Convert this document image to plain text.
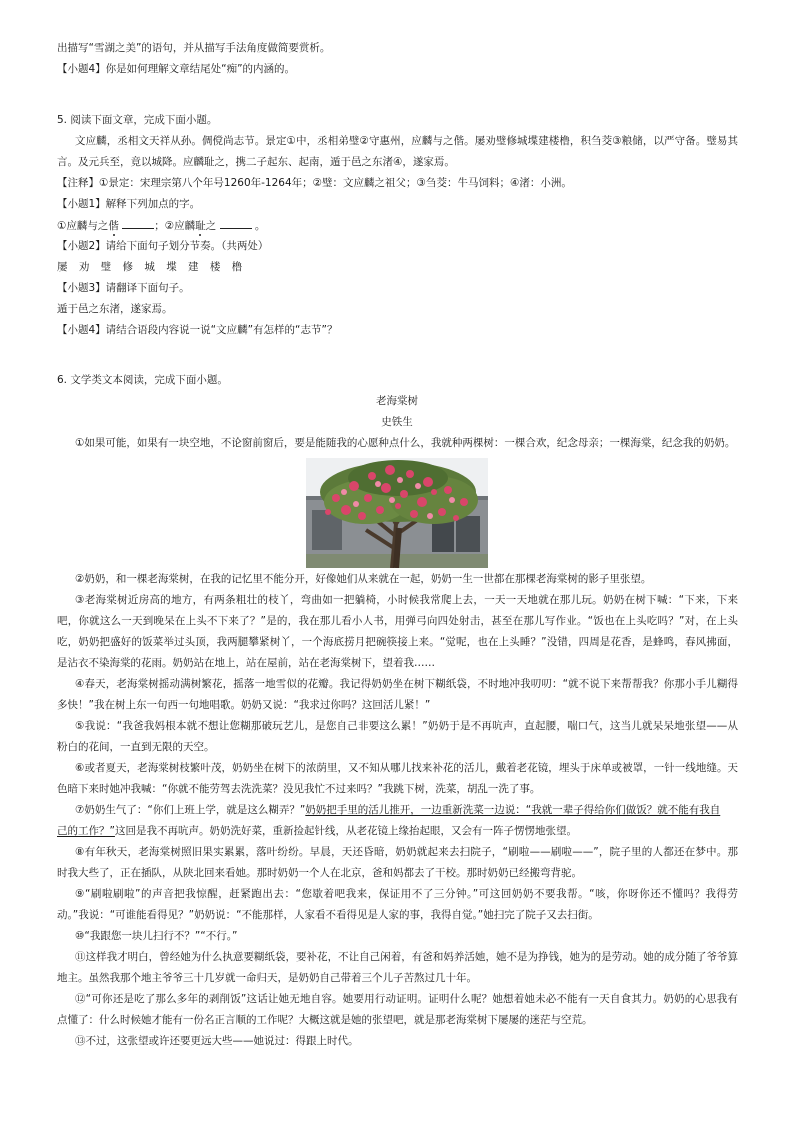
出描写“雪湖之美”的语句，并从描写手法角度做简要赏析。
【小题4】你是如何理解文章结尾处“痴”的内涵的。
5. 阅读下面文章，完成下面小题。
文应麟，丞相文天祥从孙。倜傥尚志节。景定①中，丞相弟璧②守惠州，应麟与之偕。屡劝璧修城堞建楼橹，积刍茭③粮储，以严守备。璧易其
言。及元兵至，竟以城降。应麟耻之，携二子起东、起南，遁于邑之东渚④，遂家焉。
【注释】①景定：宋理宗第八个年号1260年-1264年；②璧：文应麟之祖父；③刍茭：牛马饲料；④渚：小洲。
【小题1】解释下列加点的字。
①应麟与之偕	；②应麟耻之	。
【小题2】请给下面句子划分节奏。（共两处）
屡 劝 璧 修 城 堞 建 楼 橹
【小题3】请翻译下面句子。
遁于邑之东渚，遂家焉。
【小题4】请结合语段内容说一说“文应麟”有怎样的“志节”？
6. 文学类文本阅读，完成下面小题。
老海棠树
史铁生
①如果可能，如果有一块空地，不论窗前窗后，要是能随我的心愿种点什么，我就种两棵树：一棵合欢，纪念母亲；一棵海棠，纪念我的奶奶。
②奶奶，和一棵老海棠树，在我的记忆里不能分开，好像她们从来就在一起，奶奶一生一世都在那棵老海棠树的影子里张望。
③老海棠树近房高的地方，有两条粗壮的枝丫，弯曲如一把躺椅，小时候我常爬上去，一天一天地就在那儿玩。奶奶在树下喊：“下来，下来
吧，你就这么一天到晚呆在上头不下来了？”是的，我在那儿看小人书，用弹弓向四处射击，甚至在那儿写作业。“饭也在上头吃吗？”对，在上头
吃，奶奶把盛好的饭菜举过头顶，我两腿攀紧树丫，一个海底捞月把碗筷接上来。“觉呢，也在上头睡？”没错，四周是花香，是蜂鸣，春风拂面，
是沾衣不染海棠的花雨。奶奶站在地上，站在屋前，站在老海棠树下，望着我……
④春天，老海棠树摇动满树繁花，摇落一地雪似的花瓣。我记得奶奶坐在树下糊纸袋，不时地冲我叨叨：“就不说下来帮帮我？你那小手儿糊得
多快！”我在树上东一句西一句地唱歌。奶奶又说：“我求过你吗？这回活儿紧！”
⑤我说：“我爸我妈根本就不想让您糊那破玩艺儿，是您自己非要这么累！”奶奶于是不再吭声，直起腰，喘口气，这当儿就呆呆地张望——从
粉白的花间，一直到无限的天空。
⑥或者夏天，老海棠树枝繁叶茂，奶奶坐在树下的浓荫里，又不知从哪儿找来补花的活儿，戴着老花镜，埋头于床单或被罩，一针一线地缝。天
色暗下来时她冲我喊：“你就不能劳驾去洗洗菜？没见我忙不过来吗？”我跳下树，洗菜，胡乱一洗了事。
⑦奶奶生气了：“你们上班上学，就是这么糊弄？”奶奶把手里的活儿推开，一边重新洗菜一边说：“我就一辈子得给你们做饭？就不能有我自
己的工作？”这回是我不再吭声。奶奶洗好菜，重新捡起针线，从老花镜上缘抬起眼，又会有一阵子愣愣地张望。
⑧有年秋天，老海棠树照旧果实累累，落叶纷纷。早晨，天还昏暗，奶奶就起来去扫院子，“刷啦——刷啦——”，院子里的人都还在梦中。那
时我大些了，正在插队，从陕北回来看她。那时奶奶一个人在北京，爸和妈都去了干校。那时奶奶已经搬弯背驼。
⑨“刷啦刷啦”的声音把我惊醒，赶紧跑出去：“您歇着吧我来，保证用不了三分钟。”可这回奶奶不要我帮。“咳，你呀你还不懂吗？我得劳
动。”我说：“可谁能看得见？”奶奶说：“不能那样，人家看不看得见是人家的事，我得自觉。”她扫完了院子又去扫街。
⑩“我跟您一块儿扫行不？”“不行。”
⑪这样我才明白，曾经她为什么执意要糊纸袋，要补花，不让自己闲着，有爸和妈养活她，她不是为挣钱，她为的是劳动。她的成分随了爷爷算
地主。虽然我那个地主爷爷三十几岁就一命归天，是奶奶自己带着三个儿子苦熬过几十年。
⑫“可你还是吃了那么多年的剥削饭”这话让她无地自容。她要用行动证明。证明什么呢？她想着她未必不能有一天自食其力。奶奶的心思我有
点懂了：什么时候她才能有一份名正言顺的工作呢？大概这就是她的张望吧，就是那老海棠树下屡屡的迷茫与空荒。
⑬不过，这张望或许还要更远大些——她说过：得跟上时代。
